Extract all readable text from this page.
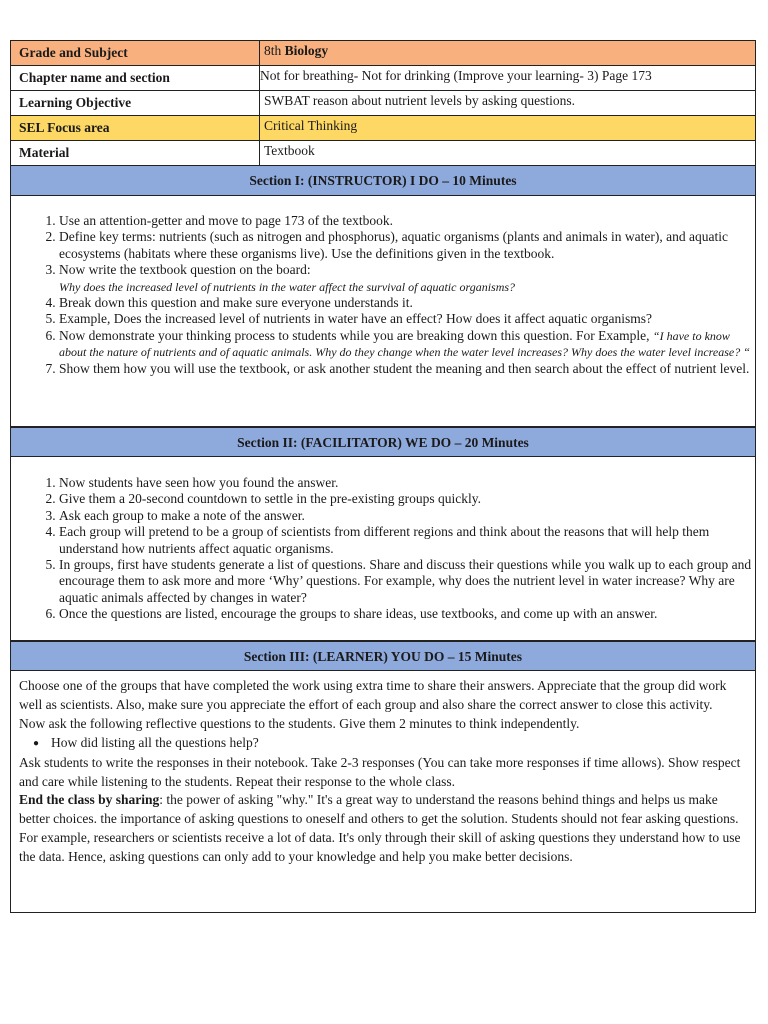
Grade and Subject	8th Biology
Chapter name and section	Not for breathing- Not for drinking (Improve your learning- 3) Page 173
Learning Objective	SWBAT reason about nutrient levels by asking questions.
SEL Focus area	Critical Thinking
Material	Textbook
Section I: (INSTRUCTOR) I DO – 10 Minutes
1. Use an attention-getter and move to page 173 of the textbook.
2. Define key terms: nutrients (such as nitrogen and phosphorus), aquatic organisms (plants and animals in water), and aquatic ecosystems (habitats where these organisms live). Use the definitions given in the textbook.
3. Now write the textbook question on the board:
Why does the increased level of nutrients in the water affect the survival of aquatic organisms?
4. Break down this question and make sure everyone understands it.
5. Example, Does the increased level of nutrients in water have an effect? How does it affect aquatic organisms?
6. Now demonstrate your thinking process to students while you are breaking down this question. For Example, “I have to know about the nature of nutrients and of aquatic animals. Why do they change when the water level increases? Why does the water level increase? “
7. Show them how you will use the textbook, or ask another student the meaning and then search about the effect of nutrient level.
Section II: (FACILITATOR) WE DO – 20 Minutes
1. Now students have seen how you found the answer.
2. Give them a 20-second countdown to settle in the pre-existing groups quickly.
3. Ask each group to make a note of the answer.
4. Each group will pretend to be a group of scientists from different regions and think about the reasons that will help them understand how nutrients affect aquatic organisms.
5. In groups, first have students generate a list of questions. Share and discuss their questions while you walk up to each group and encourage them to ask more and more ‘Why’ questions. For example, why does the nutrient level in water increase? Why are aquatic animals affected by changes in water?
6. Once the questions are listed, encourage the groups to share ideas, use textbooks, and come up with an answer.
Section III: (LEARNER) YOU DO – 15 Minutes

Choose one of the groups that have completed the work using extra time to share their answers. Appreciate that the group did work well as scientists. Also, make sure you appreciate the effort of each group and also share the correct answer to close this activity.

Now ask the following reflective questions to the students. Give them 2 minutes to think independently.

● How did listing all the questions help?

Ask students to write the responses in their notebook. Take 2-3 responses (You can take more responses if time allows). Show respect and care while listening to the students. Repeat their response to the whole class.

End the class by sharing: the power of asking "why." It's a great way to understand the reasons behind things and helps us make better choices. the importance of asking questions to oneself and others to get the solution. Students should not fear asking questions. For example, researchers or scientists receive a lot of data. It's only through their skill of asking questions they understand how to use the data. Hence, asking questions can only add to your knowledge and help you make better decisions.
